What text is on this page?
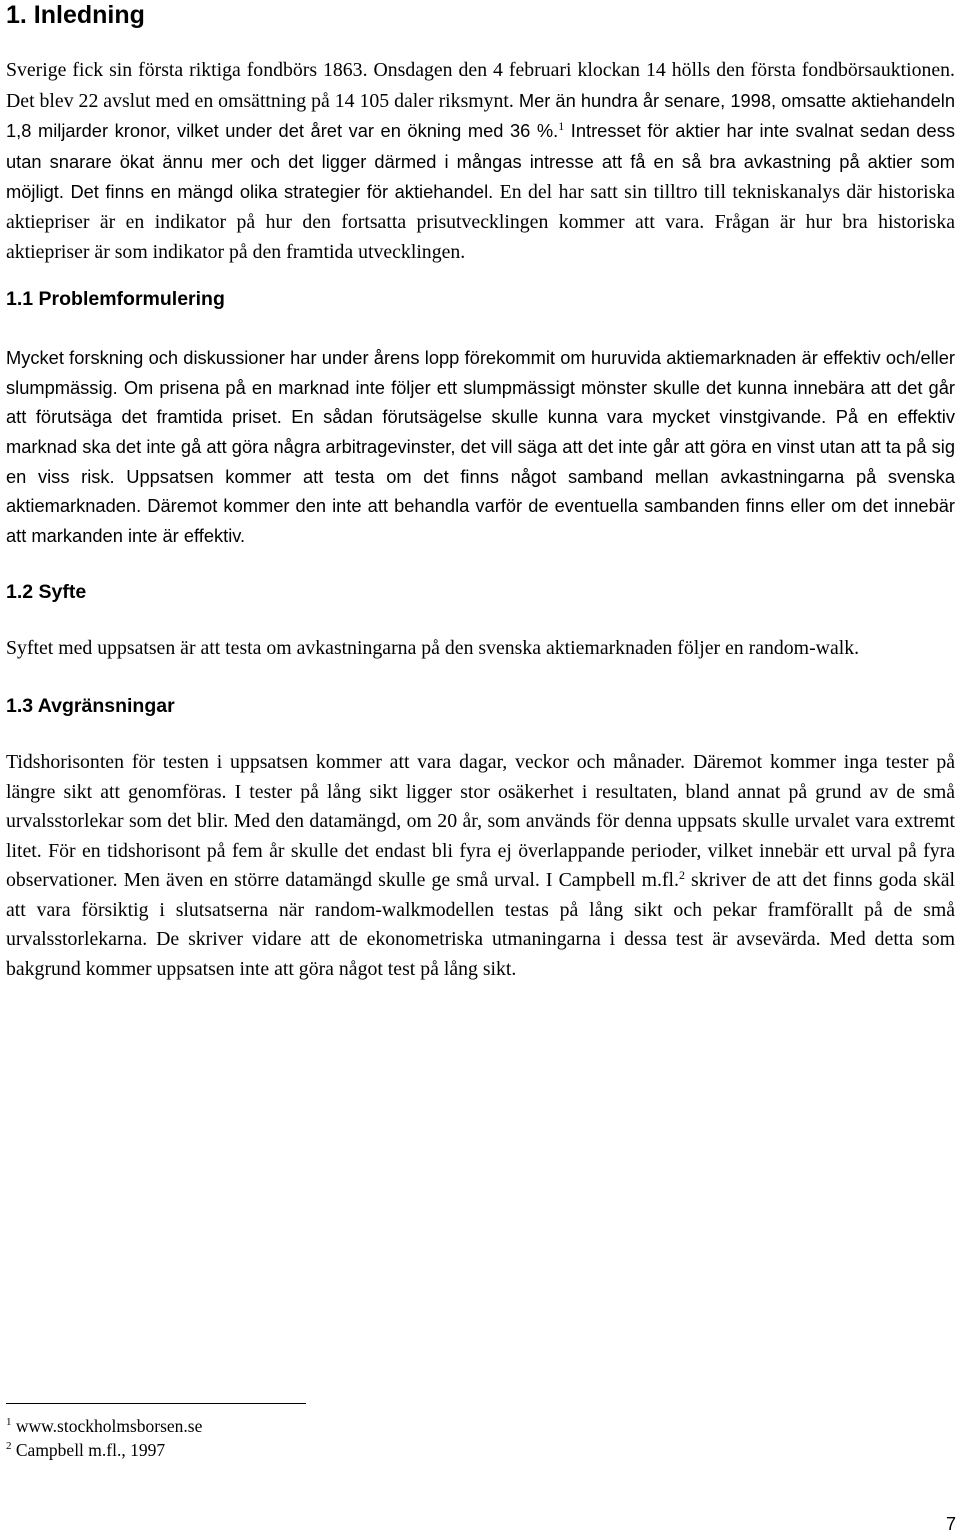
1. Inledning

Sverige fick sin första riktiga fondbörs 1863. Onsdagen den 4 februari klockan 14 hölls den första fondbörsauktionen. Det blev 22 avslut med en omsättning på 14 105 daler riksmynt. Mer än hundra år senare, 1998, omsatte aktiehandeln 1,8 miljarder kronor, vilket under det året var en ökning med 36 %.$^1$ Intresset för aktier har inte svalnat sedan dess utan snarare ökat ännu mer och det ligger därmed i mångas intresse att få en så bra avkastning på aktier som möjligt. Det finns en mängd olika strategier för aktiehandel. En del har satt sin tilltro till tekniskanalys där historiska aktiepriser är en indikator på hur den fortsatta prisutvecklingen kommer att vara. Frågan är hur bra historiska aktiepriser är som indikator på den framtida utvecklingen.

1.1 Problemformulering

Mycket forskning och diskussioner har under årens lopp förekommit om huruvida aktiemarknaden är effektiv och/eller slumpmässig. Om prisena på en marknad inte följer ett slumpmässigt mönster skulle det kunna innebära att det går att förutsäga det framtida priset. En sådan förutsägelse skulle kunna vara mycket vinstgivande. På en effektiv marknad ska det inte gå att göra några arbitragevinster, det vill säga att det inte går att göra en vinst utan att ta på sig en viss risk. Uppsatsen kommer att testa om det finns något samband mellan avkastningarna på svenska aktiemarknaden. Däremot kommer den inte att behandla varför de eventuella sambanden finns eller om det innebär att markanden inte är effektiv.

1.2 Syfte

Syftet med uppsatsen är att testa om avkastningarna på den svenska aktiemarknaden följer en random-walk.

1.3 Avgränsningar

Tidshorisonten för testen i uppsatsen kommer att vara dagar, veckor och månader. Däremot kommer inga tester på längre sikt att genomföras. I tester på lång sikt ligger stor osäkerhet i resultaten, bland annat på grund av de små urvalsstorlekar som det blir. Med den datamängd, om 20 år, som används för denna uppsats skulle urvalet vara extremt litet. För en tidshorisont på fem år skulle det endast bli fyra ej överlappande perioder, vilket innebär ett urval på fyra observationer. Men även en större datamängd skulle ge små urval. I Campbell m.fl.$^2$ skriver de att det finns goda skäl att vara försiktig i slutsatserna när random-walkmodellen testas på lång sikt och pekar framförallt på de små urvalsstorlekarna. De skriver vidare att de ekonometriska utmaningarna i dessa test är avsevärda. Med detta som bakgrund kommer uppsatsen inte att göra något test på lång sikt.

$^1$ www.stockholmsborsen.se
$^2$ Campbell m.fl., 1997
7
